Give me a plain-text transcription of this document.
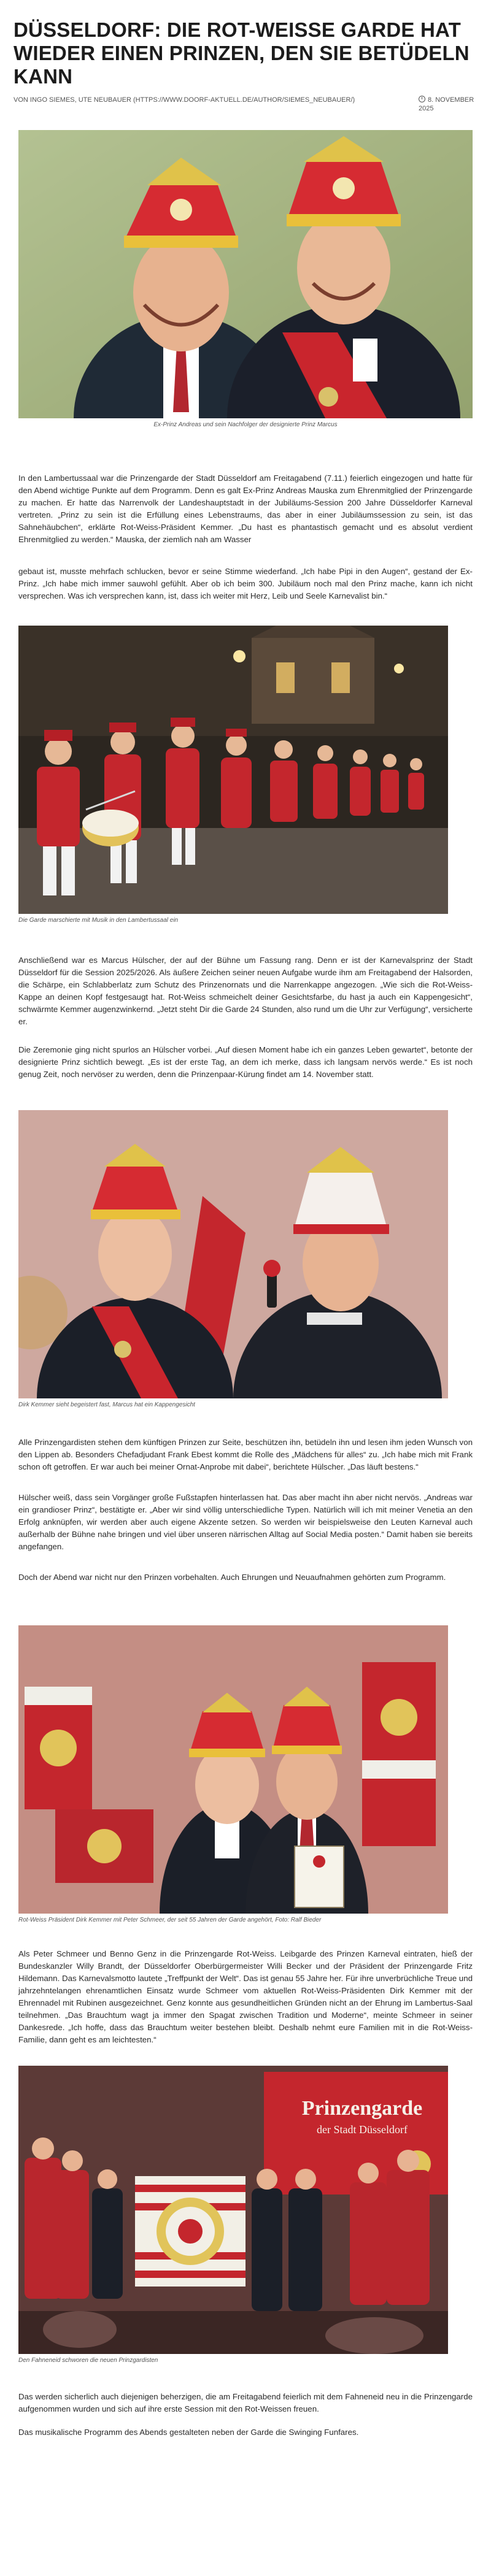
DÜSSELDORF: DIE ROT-WEISSE GARDE HAT WIEDER EINEN PRINZEN, DEN SIE BETÜDELN KANN
VON INGO SIEMES, UTE NEUBAUER (HTTPS://WWW.DOORF-AKTUELL.DE/AUTHOR/SIEMES_NEUBAUER/)	8. NOVEMBER 2025
Ex-Prinz Andreas und sein Nachfolger der designierte Prinz Marcus

In den Lambertussaal war die Prinzengarde der Stadt Düsseldorf am Freitagabend (7.11.) feierlich eingezogen und hatte für den Abend wichtige Punkte auf dem Programm. Denn es galt Ex-Prinz Andreas Mauska zum Ehrenmitglied der Prinzengarde zu machen. Er hatte das Narrenvolk der Landeshauptstadt in der Jubiläums-Session 200 Jahre Düsseldorfer Karneval vertreten. „Prinz zu sein ist die Erfüllung eines Lebenstraums, das aber in einer Jubiläumssession zu sein, ist das Sahnehäubchen“, erklärte Rot-Weiss-Präsident Kemmer. „Du hast es phantastisch gemacht und es absolut verdient Ehrenmitglied zu werden.“ Mauska, der ziemlich nah am Wasser

gebaut ist, musste mehrfach schlucken, bevor er seine Stimme wiederfand. „Ich habe Pipi in den Augen“, gestand der Ex-Prinz. „Ich habe mich immer sauwohl gefühlt. Aber ob ich beim 300. Jubiläum noch mal den Prinz mache, kann ich nicht versprechen. Was ich versprechen kann, ist, dass ich weiter mit Herz, Leib und Seele Karnevalist bin.“

Die Garde marschierte mit Musik in den Lambertussaal ein

Anschließend war es Marcus Hülscher, der auf der Bühne um Fassung rang. Denn er ist der Karnevalsprinz der Stadt Düsseldorf für die Session 2025/2026. Als äußere Zeichen seiner neuen Aufgabe wurde ihm am Freitagabend der Halsorden, die Schärpe, ein Schlabberlatz zum Schutz des Prinzenornats und die Narrenkappe angezogen. „Wie sich die Rot-Weiss-Kappe an deinen Kopf festgesaugt hat. Rot-Weiss schmeichelt deiner Gesichtsfarbe, du hast ja auch ein Kappengesicht“, schwärmte Kemmer augenzwinkernd. „Jetzt steht Dir die Garde 24 Stunden, also rund um die Uhr zur Verfügung“, versicherte er.

Die Zeremonie ging nicht spurlos an Hülscher vorbei. „Auf diesen Moment habe ich ein ganzes Leben gewartet“, betonte der designierte Prinz sichtlich bewegt. „Es ist der erste Tag, an dem ich merke, dass ich langsam nervös werde.“ Es ist noch genug Zeit, noch nervöser zu werden, denn die Prinzenpaar-Kürung findet am 14. November statt.

Dirk Kemmer sieht begeistert fast, Marcus hat ein Kappengesicht

Alle Prinzengardisten stehen dem künftigen Prinzen zur Seite, beschützen ihn, betüdeln ihn und lesen ihm jeden Wunsch von den Lippen ab. Besonders Chefadjudant Frank Ebest kommt die Rolle des „Mädchens für alles“ zu. „Ich habe mich mit Frank schon oft getroffen. Er war auch bei meiner Ornat-Anprobe mit dabei“, berichtete Hülscher. „Das läuft bestens.“

Hülscher weiß, dass sein Vorgänger große Fußstapfen hinterlassen hat. Das aber macht ihn aber nicht nervös. „Andreas war ein grandioser Prinz“, bestätigte er. „Aber wir sind völlig unterschiedliche Typen. Natürlich will ich mit meiner Venetia an den Erfolg anknüpfen, wir werden aber auch eigene Akzente setzen. So werden wir beispielsweise den Leuten Karneval auch außerhalb der Bühne nahe bringen und viel über unseren närrischen Alltag auf Social Media posten.“ Damit haben sie bereits angefangen.

Doch der Abend war nicht nur den Prinzen vorbehalten. Auch Ehrungen und Neuaufnahmen gehörten zum Programm.

Rot-Weiss Präsident Dirk Kemmer mit Peter Schmeer, der seit 55 Jahren der Garde angehört, Foto: Ralf Bieder

Als Peter Schmeer und Benno Genz in die Prinzengarde Rot-Weiss. Leibgarde des Prinzen Karneval eintraten, hieß der Bundeskanzler Willy Brandt, der Düsseldorfer Oberbürgermeister Willi Becker und der Präsident der Prinzengarde Fritz Hildemann. Das Karnevalsmotto lautete „Treffpunkt der Welt“. Das ist genau 55 Jahre her. Für ihre unverbrüchliche Treue und jahrzehntelangen ehrenamtlichen Einsatz wurde Schmeer vom aktuellen Rot-Weiss-Präsidenten Dirk Kemmer mit der Ehrennadel mit Rubinen ausgezeichnet. Genz konnte aus gesundheitlichen Gründen nicht an der Ehrung im Lambertus-Saal teilnehmen. „Das Brauchtum wagt ja immer den Spagat zwischen Tradition und Moderne“, meinte Schmeer in seiner Dankesrede. „Ich hoffe, dass das Brauchtum weiter bestehen bleibt. Deshalb nehmt eure Familien mit in die Rot-Weiss-Familie, dann geht es am leichtesten.“

Prinzengarde
der Stadt Düsseldorf
Den Fahneneid schworen die neuen Prinzgardisten

Das werden sicherlich auch diejenigen beherzigen, die am Freitagabend feierlich mit dem Fahneneid neu in die Prinzengarde aufgenommen wurden und sich auf ihre erste Session mit den Rot-Weissen freuen.

Das musikalische Programm des Abends gestalteten neben der Garde die Swinging Funfares.
